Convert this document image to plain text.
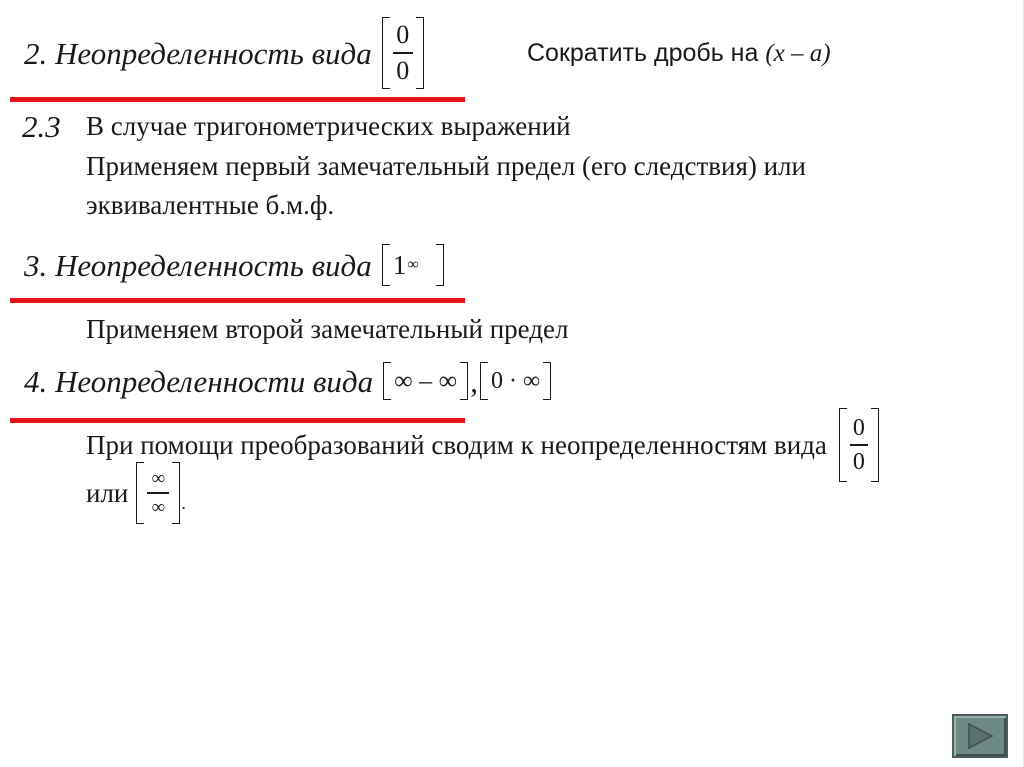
2. Неопределенность вида $\frac{0}{0}$	Сократить дробь на (x – a)
2.3 В случае тригонометрических выражений
Применяем первый замечательный предел (его следствия) или
эквивалентные б.м.ф.
3. Неопределенность вида 1 ∞
Применяем второй замечательный предел
4. Неопределенности вида ∞ – ∞ , 0 · ∞
При помощи преобразований сводим к неопределенностям вида $\frac{0}{0}$
или $\frac{\infty}{\infty}$ .
